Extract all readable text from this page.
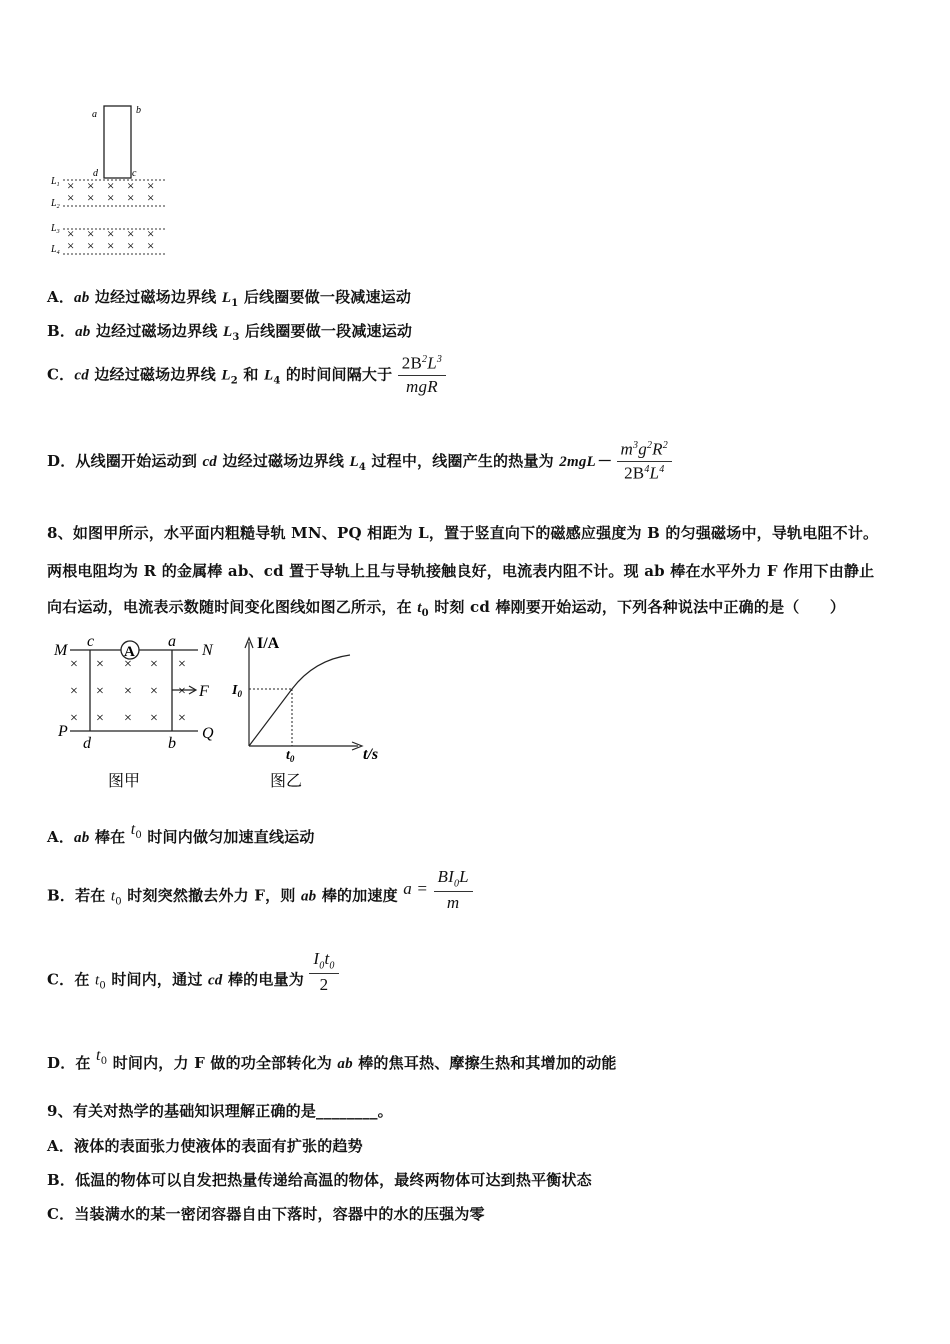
a	b
d	c
$L_1$
$L_2$
$L_3$
$L_4$
× × × × ×
× × × × ×
× × × × ×
× × × × ×
A．ab 边经过磁场边界线 $L_1$ 后线圈要做一段减速运动
B．ab 边经过磁场边界线 $L_3$ 后线圈要做一段减速运动
C．cd 边经过磁场边界线 $L_2$ 和 $L_4$ 的时间间隔大于 $\frac{2B^2L^3}{\text{mgR}}$
D．从线圈开始运动到 cd 边经过磁场边界线 $L_4$ 过程中，线圈产生的热量为 $2mgL- \frac{m^3g^2R^2}{2B^4L^4}$
8、如图甲所示，水平面内粗糙导轨 MN、PQ 相距为 L，置于竖直向下的磁感应强度为 B 的匀强磁场中，导轨电阻不计。
两根电阻均为 R 的金属棒 ab、cd 置于导轨上且与导轨接触良好，电流表内阻不计。现 ab 棒在水平外力 F 作用下由静止
向右运动，电流表示数随时间变化图线如图乙所示，在 $t_0$ 时刻 cd 棒刚要开始运动，下列各种说法中正确的是（　　）
A
M	N
P	Q
c	a
d	b
F
× × × × ×
× × × × ×
× × × × ×
图甲
I/A
t/s
$I_0$
$t_0$
图乙
A．ab 棒在 $t_0$ 时间内做匀加速直线运动
B．若在 $t_0$ 时刻突然撤去外力 F，则 ab 棒的加速度 $a = \frac{BI_0L}{m}$
C．在 $t_0$ 时间内，通过 cd 棒的电量为 $\frac{I_0t_0}{2}$
D．在 $t_0$ 时间内，力 F 做的功全部转化为 ab 棒的焦耳热、摩擦生热和其增加的动能
9、有关对热学的基础知识理解正确的是________。
A．液体的表面张力使液体的表面有扩张的趋势
B．低温的物体可以自发把热量传递给高温的物体，最终两物体可达到热平衡状态
C．当装满水的某一密闭容器自由下落时，容器中的水的压强为零
